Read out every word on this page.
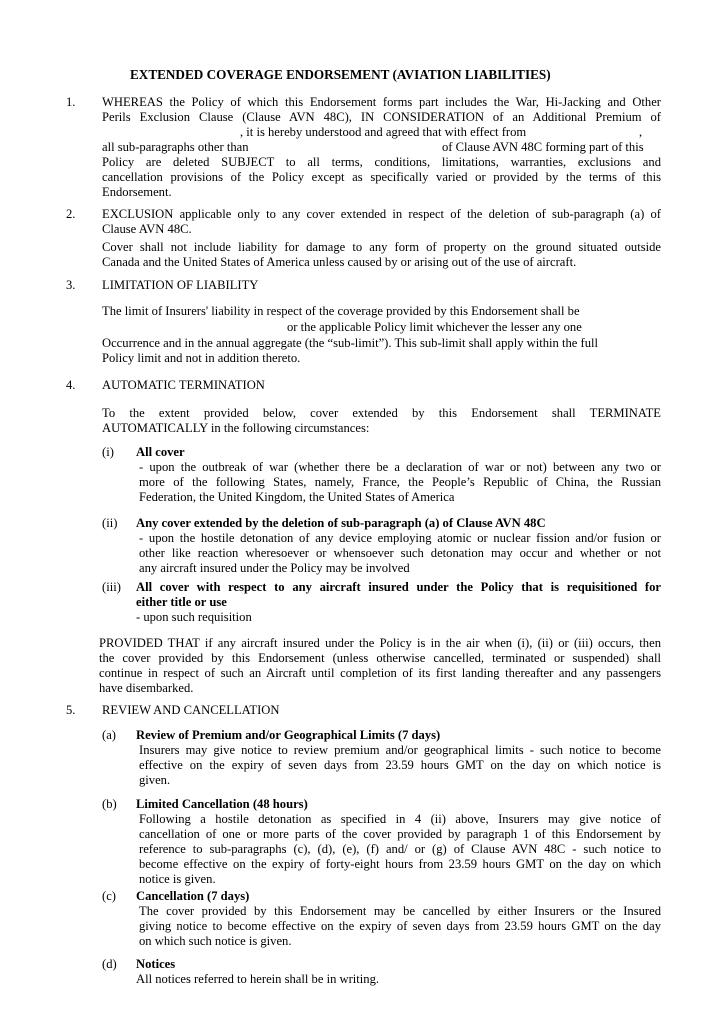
EXTENDED COVERAGE ENDORSEMENT (AVIATION LIABILITIES)
1. WHEREAS the Policy of which this Endorsement forms part includes the War, Hi-Jacking and Other
Perils Exclusion Clause (Clause AVN 48C), IN CONSIDERATION of an Additional Premium of
, it is hereby understood and agreed that with effect from	,
all sub-paragraphs other than	of Clause AVN 48C forming part of this
Policy are deleted SUBJECT to all terms, conditions, limitations, warranties, exclusions and
cancellation provisions of the Policy except as specifically varied or provided by the terms of this
Endorsement.
2. EXCLUSION applicable only to any cover extended in respect of the deletion of sub-paragraph (a) of
Clause AVN 48C.
Cover shall not include liability for damage to any form of property on the ground situated outside
Canada and the United States of America unless caused by or arising out of the use of aircraft.
3. LIMITATION OF LIABILITY
The limit of Insurers' liability in respect of the coverage provided by this Endorsement shall be
or the applicable Policy limit whichever the lesser any one
Occurrence and in the annual aggregate (the “sub-limit”). This sub-limit shall apply within the full
Policy limit and not in addition thereto.
4. AUTOMATIC TERMINATION
To the extent provided below, cover extended by this Endorsement shall TERMINATE
AUTOMATICALLY in the following circumstances:
(i) All cover
- upon the outbreak of war (whether there be a declaration of war or not) between any two or
more of the following States, namely, France, the People’s Republic of China, the Russian
Federation, the United Kingdom, the United States of America
(ii) Any cover extended by the deletion of sub-paragraph (a) of Clause AVN 48C
- upon the hostile detonation of any device employing atomic or nuclear fission and/or fusion or
other like reaction wheresoever or whensoever such detonation may occur and whether or not
any aircraft insured under the Policy may be involved
(iii) All cover with respect to any aircraft insured under the Policy that is requisitioned for
either title or use
- upon such requisition
PROVIDED THAT if any aircraft insured under the Policy is in the air when (i), (ii) or (iii) occurs, then
the cover provided by this Endorsement (unless otherwise cancelled, terminated or suspended) shall
continue in respect of such an Aircraft until completion of its first landing thereafter and any passengers
have disembarked.
5. REVIEW AND CANCELLATION
(a) Review of Premium and/or Geographical Limits (7 days)
Insurers may give notice to review premium and/or geographical limits - such notice to become
effective on the expiry of seven days from 23.59 hours GMT on the day on which notice is
given.
(b) Limited Cancellation (48 hours)
Following a hostile detonation as specified in 4 (ii) above, Insurers may give notice of
cancellation of one or more parts of the cover provided by paragraph 1 of this Endorsement by
reference to sub-paragraphs (c), (d), (e), (f) and/ or (g) of Clause AVN 48C - such notice to
become effective on the expiry of forty-eight hours from 23.59 hours GMT on the day on which
notice is given.
(c) Cancellation (7 days)
The cover provided by this Endorsement may be cancelled by either Insurers or the Insured
giving notice to become effective on the expiry of seven days from 23.59 hours GMT on the day
on which such notice is given.
(d) Notices
All notices referred to herein shall be in writing.
